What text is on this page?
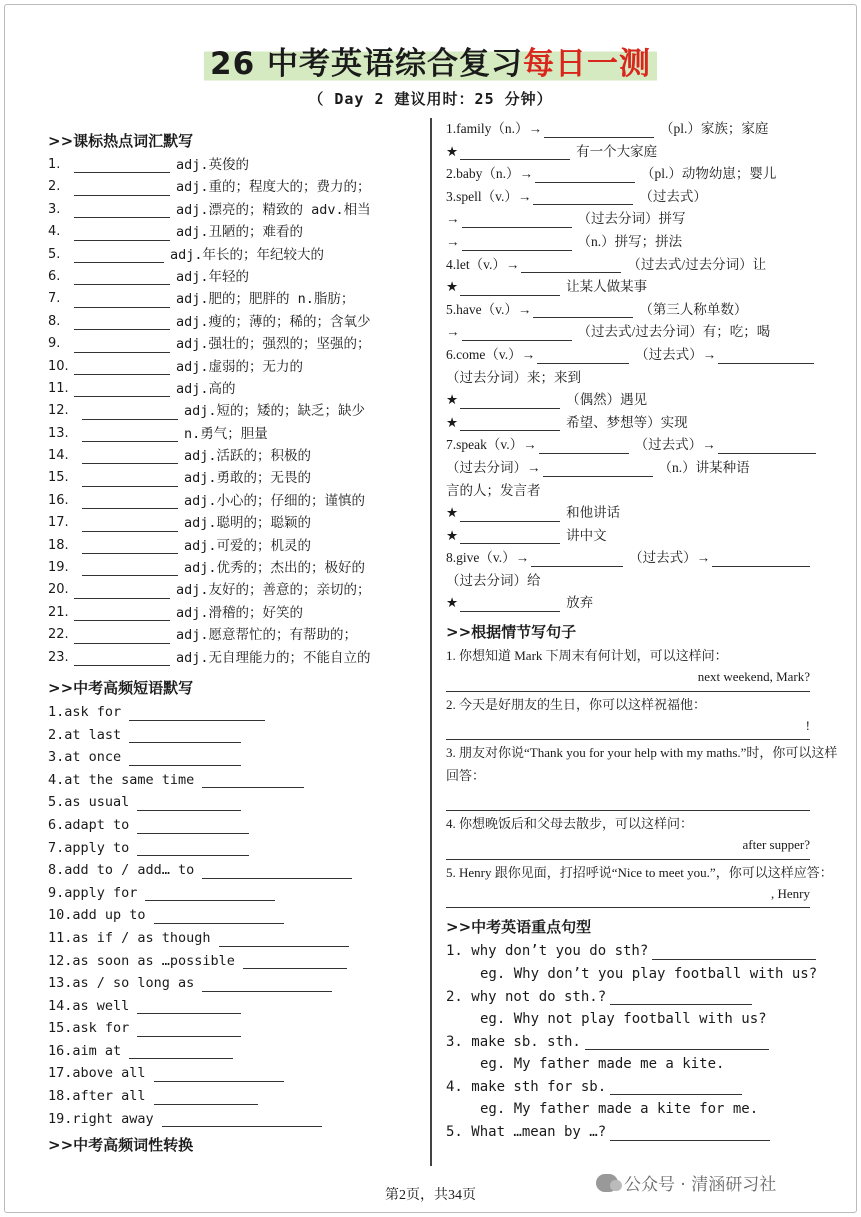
26 中考英语综合复习每日一测
（ Day 2 建议用时：25 分钟）
>>课标热点词汇默写
1.	adj.英俊的
2.	adj.重的；程度大的；费力的；
3.	adj.漂亮的；精致的 adv.相当
4.	adj.丑陋的；难看的
5.	adj.年长的；年纪较大的
6.	adj.年轻的
7.	adj.肥的；肥胖的 n.脂肪；
8.	adj.瘦的；薄的；稀的；含氧少
9.	adj.强壮的；强烈的；坚强的；
10.	adj.虚弱的；无力的
11.	adj.高的
12.	adj.短的；矮的；缺乏；缺少
13.	n.勇气；胆量
14.	adj.活跃的；积极的
15.	adj.勇敢的；无畏的
16.	adj.小心的；仔细的；谨慎的
17.	adj.聪明的；聪颖的
18.	adj.可爱的；机灵的
19.	adj.优秀的；杰出的；极好的
20.	adj.友好的；善意的；亲切的；
21.	adj.滑稽的；好笑的
22.	adj.愿意帮忙的；有帮助的；
23.	adj.无自理能力的；不能自立的
>>中考高频短语默写
1.ask for
2.at last
3.at once
4.at the same time
5.as usual
6.adapt to
7.apply to
8.add to / add… to
9.apply for
10.add up to
11.as if / as though
12.as soon as …possible
13.as / so long as
14.as well
15.ask for
16.aim at
17.above all
18.after all
19.right away
>>中考高频词性转换
1.family（n.）→	（pl.）家族；家庭
★	有一个大家庭
2.baby（n.）→	（pl.）动物幼崽；婴儿
3.spell（v.）→	（过去式）
→	（过去分词）拼写
→	（n.）拼写；拼法
4.let（v.）→	（过去式/过去分词）让
★	让某人做某事
5.have（v.）→	（第三人称单数）
→	（过去式/过去分词）有；吃；喝
6.come（v.）→	（过去式）→
（过去分词）来；来到
★	（偶然）遇见
★	希望、梦想等）实现
7.speak（v.）→	（过去式）→
（过去分词）→	（n.）讲某种语
言的人；发言者
★	和他讲话
★	讲中文
8.give（v.）→	（过去式）→
（过去分词）给
★	放弃
>>根据情节写句子
1. 你想知道 Mark 下周末有何计划，可以这样问：
next weekend, Mark?
2. 今天是好朋友的生日，你可以这样祝福他：
!
3. 朋友对你说“Thank you for your help with my maths.”时，你可以这样回答：
4. 你想晚饭后和父母去散步，可以这样问：
after supper?
5. Henry 跟你见面，打招呼说“Nice to meet you.”，你可以这样应答：
, Henry
>>中考英语重点句型
1. why don’t you do sth?
eg. Why don’t you play football with us?
2. why not do sth.?
eg. Why not play football with us?
3. make sb. sth.
eg. My father made me a kite.
4. make sth for sb.
eg. My father made a kite for me.
5. What …mean by …?
第2页，共34页
公众号 · 清涵研习社
